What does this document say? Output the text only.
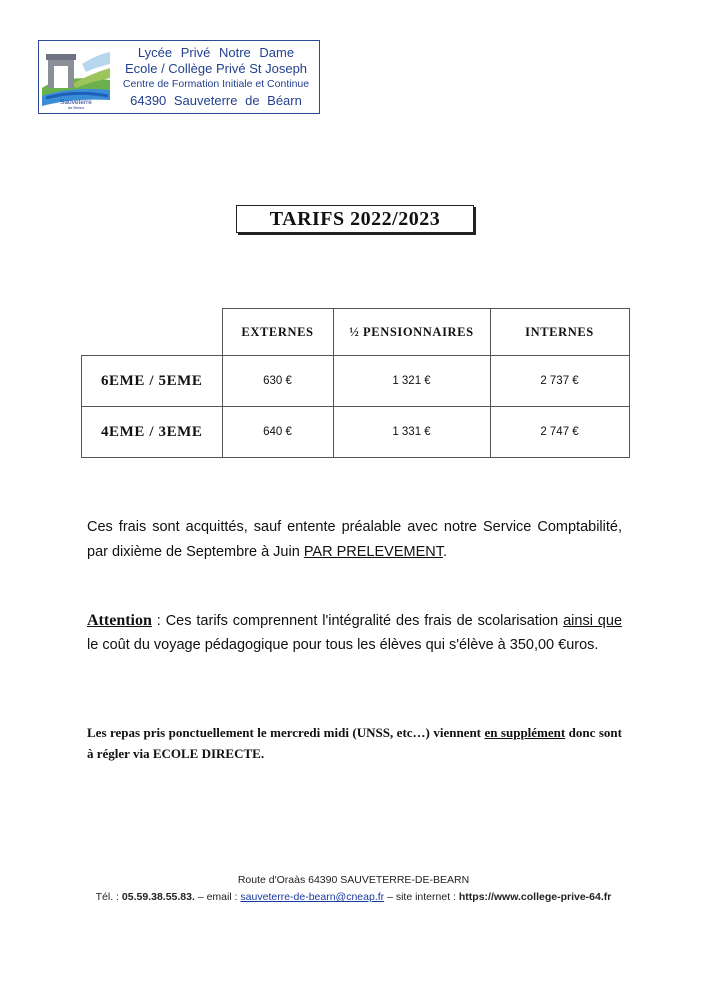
Sauveterre
de Béarn
Lycée Privé Notre Dame
Ecole / Collège Privé St Joseph
Centre de Formation Initiale et Continue
64390 Sauveterre de Béarn
TARIFS 2022/2023
	EXTERNES	½ PENSIONNAIRES	INTERNES
6EME / 5EME	630 €	1 321 €	2 737 €
4EME / 3EME	640 €	1 331 €	2 747 €
Ces frais sont acquittés, sauf entente préalable avec notre Service Comptabilité, par dixième de Septembre à Juin PAR PRELEVEMENT.
Attention : Ces tarifs comprennent l'intégralité des frais de scolarisation ainsi que le coût du voyage pédagogique pour tous les élèves qui s'élève à 350,00 €uros.
Les repas pris ponctuellement le mercredi midi (UNSS, etc…) viennent en supplément donc sont à régler via ECOLE DIRECTE.
Route d'Oraàs 64390 SAUVETERRE-DE-BEARN
Tél. : 05.59.38.55.83. – email : sauveterre-de-bearn@cneap.fr – site internet : https://www.college-prive-64.fr
